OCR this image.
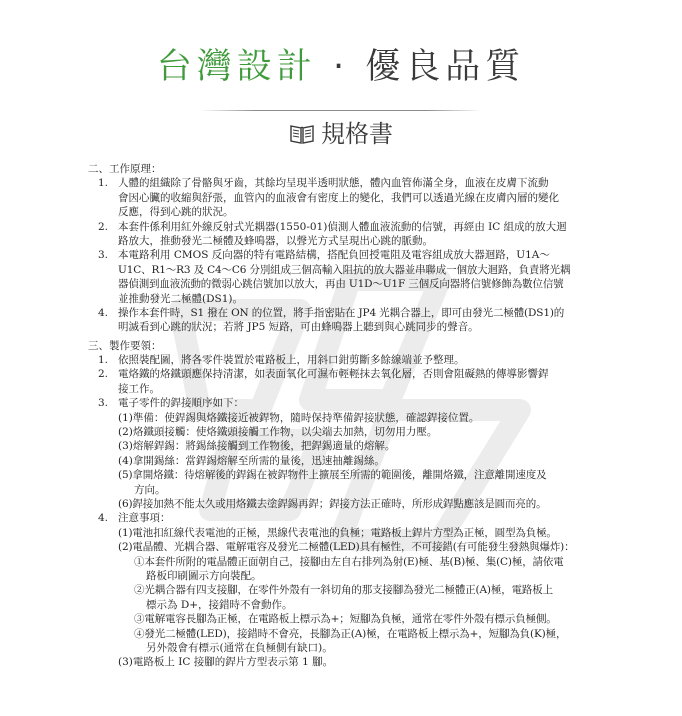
台灣設計 · 優良品質
規格書
二、工作原理：
1. 人體的組織除了骨骼與牙齒，其餘均呈現半透明狀態，體內血管佈滿全身，血液在皮膚下流動
會因心臟的收縮與舒張，血管內的血液會有密度上的變化，我們可以透過光線在皮膚內層的變化
反應，得到心跳的狀況。
2. 本套件係利用紅外線反射式光耦器(1550-01)偵測人體血液流動的信號，再經由 IC 組成的放大迴
路放大，推動發光二極體及蜂鳴器，以聲光方式呈現出心跳的脈動。
3. 本電路利用 CMOS 反向器的特有電路結構，搭配負回授電阻及電容組成放大器迴路，U1A～
U1C、R1～R3 及 C4～C6 分別組成三個高輸入阻抗的放大器並串聯成一個放大迴路，負責將光耦
器偵測到血液流動的微弱心跳信號加以放大，再由 U1D～U1F 三個反向器將信號修飾為數位信號
並推動發光二極體(DS1)。
4. 操作本套件時，S1 撥在 ON 的位置，將手指密貼在 JP4 光耦合器上，即可由發光二極體(DS1)的
明滅看到心跳的狀況；若將 JP5 短路，可由蜂鳴器上聽到與心跳同步的聲音。
三、製作要領：
1. 依照裝配圖，將各零件裝置於電路板上，用斜口鉗剪斷多餘線端並予整理。
2. 電烙鐵的烙鐵頭應保持清潔，如表面氧化可濕布輕輕抹去氧化層，否則會阻礙熱的傳導影響銲
接工作。
3. 電子零件的銲接順序如下：
(1)準備：使銲錫與烙鐵接近被銲物，隨時保持準備銲接狀態，確認銲接位置。
(2)烙鐵頭接觸：使烙鐵頭接觸工作物，以尖端去加熱，切勿用力壓。
(3)熔解銲錫：將錫絲接觸到工作物後，把銲錫適量的熔解。
(4)拿開錫絲：當銲錫熔解至所需的量後，迅速抽離錫絲。
(5)拿開烙鐵：待熔解後的銲錫在被銲物件上擴展至所需的範圍後，離開烙鐵，注意離開速度及
方向。
(6)銲接加熱不能太久或用烙鐵去塗銲錫再銲；銲接方法正確時，所形成銲點應該是圓而亮的。
4. 注意事項：
(1)電池扣紅線代表電池的正極，黑線代表電池的負極；電路板上銲片方型為正極，圓型為負極。
(2)電晶體、光耦合器、電解電容及發光二極體(LED)具有極性，不可接錯(有可能發生發熱與爆炸)：
①本套件所附的電晶體正面朝自己，接腳由左自右排列為射(E)極、基(B)極、集(C)極，請依電
路板印刷圖示方向裝配。
②光耦合器有四支接腳，在零件外殼有一斜切角的那支接腳為發光二極體正(A)極，電路板上
標示為 D+，接錯時不會動作。
③電解電容長腳為正極，在電路板上標示為+；短腳為負極，通常在零件外殼有標示負極側。
④發光二極體(LED)，接錯時不會亮，長腳為正(A)極，在電路板上標示為+，短腳為負(K)極，
另外殼會有標示(通常在負極側有缺口)。
(3)電路板上 IC 接腳的銲片方型表示第 1 腳。
